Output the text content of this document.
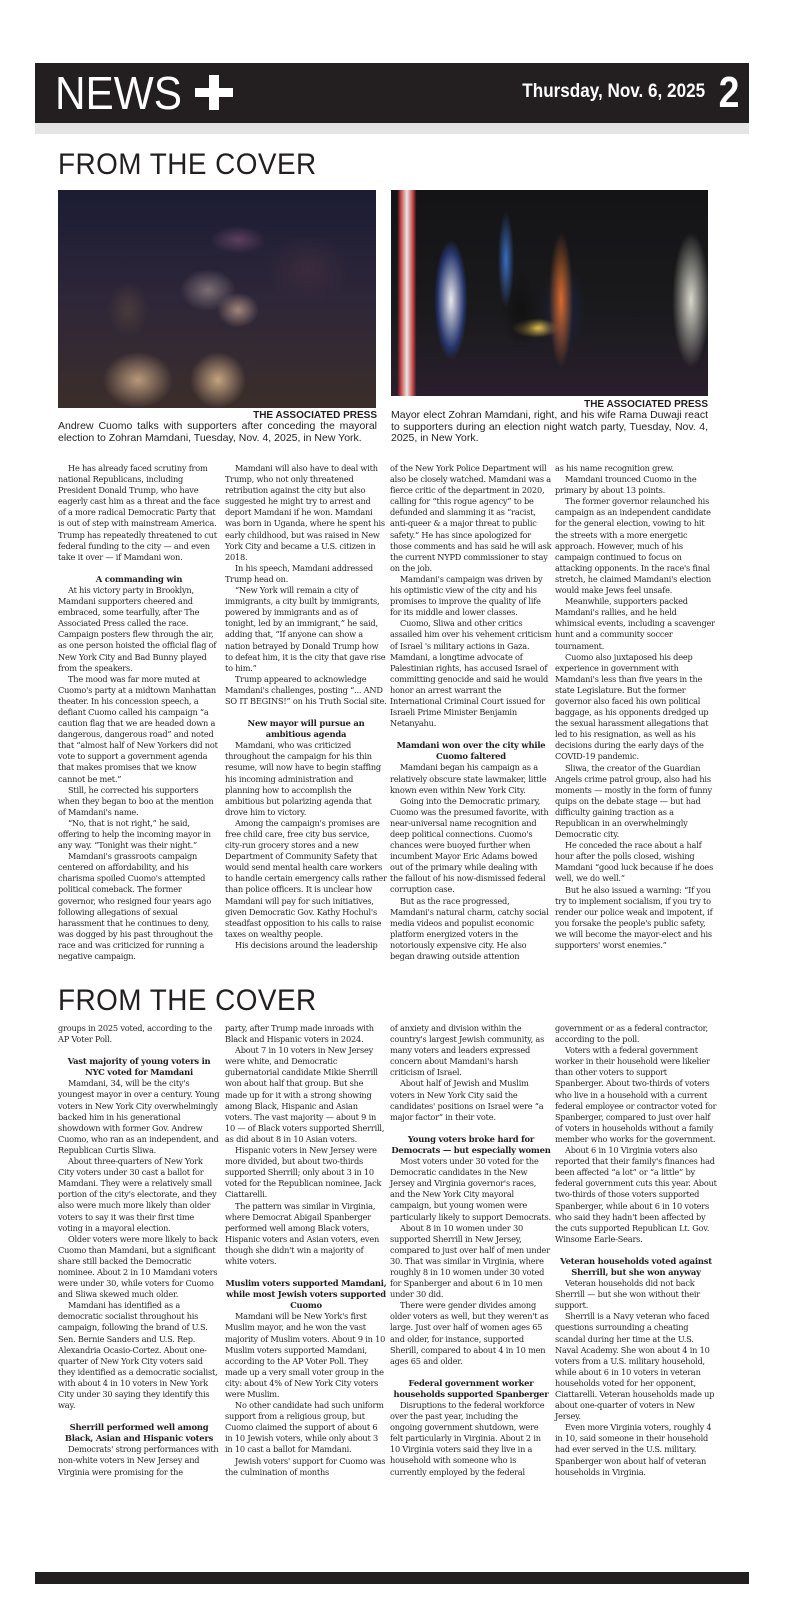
NEWS	Thursday, Nov. 6, 2025 2
FROM THE COVER
THE ASSOCIATED PRESS
Andrew Cuomo talks with supporters after conceding the mayoral election to Zohran Mamdani, Tuesday, Nov. 4, 2025, in New York.
THE ASSOCIATED PRESS
Mayor elect Zohran Mamdani, right, and his wife Rama Duwaji react to supporters during an election night watch party, Tuesday, Nov. 4, 2025, in New York.

He has already faced scrutiny from national Republicans, including President Donald Trump, who have eagerly cast him as a threat and the face of a more radical Democratic Party that is out of step with mainstream America. Trump has repeatedly threatened to cut federal funding to the city — and even take it over — if Mamdani won.

A commanding win

At his victory party in Brooklyn, Mamdani supporters cheered and embraced, some tearfully, after The Associated Press called the race. Campaign posters flew through the air, as one person hoisted the official flag of New York City and Bad Bunny played from the speakers.

The mood was far more muted at Cuomo's party at a midtown Manhattan theater. In his concession speech, a defiant Cuomo called his campaign “a caution flag that we are headed down a dangerous, dangerous road” and noted that “almost half of New Yorkers did not vote to support a government agenda that makes promises that we know cannot be met.”

Still, he corrected his supporters when they began to boo at the mention of Mamdani's name.

“No, that is not right,” he said, offering to help the incoming mayor in any way. “Tonight was their night.”

Mamdani's grassroots campaign centered on affordability, and his charisma spoiled Cuomo's attempted political comeback. The former governor, who resigned four years ago following allegations of sexual harassment that he continues to deny, was dogged by his past throughout the race and was criticized for running a negative campaign.

Mamdani will also have to deal with Trump, who not only threatened retribution against the city but also suggested he might try to arrest and deport Mamdani if he won. Mamdani was born in Uganda, where he spent his early childhood, but was raised in New York City and became a U.S. citizen in 2018.

In his speech, Mamdani addressed Trump head on.

“New York will remain a city of immigrants, a city built by immigrants, powered by immigrants and as of tonight, led by an immigrant,” he said, adding that, “If anyone can show a nation betrayed by Donald Trump how to defeat him, it is the city that gave rise to him.”

Trump appeared to acknowledge Mamdani's challenges, posting “... AND SO IT BEGINS!” on his Truth Social site.

New mayor will pursue an ambitious agenda

Mamdani, who was criticized throughout the campaign for his thin resume, will now have to begin staffing his incoming administration and planning how to accomplish the ambitious but polarizing agenda that drove him to victory.

Among the campaign's promises are free child care, free city bus service, city-run grocery stores and a new Department of Community Safety that would send mental health care workers to handle certain emergency calls rather than police officers. It is unclear how Mamdani will pay for such initiatives, given Democratic Gov. Kathy Hochul's steadfast opposition to his calls to raise taxes on wealthy people.

His decisions around the leadership

of the New York Police Department will also be closely watched. Mamdani was a fierce critic of the department in 2020, calling for “this rogue agency” to be defunded and slamming it as “racist, anti-queer & a major threat to public safety.” He has since apologized for those comments and has said he will ask the current NYPD commissioner to stay on the job.

Mamdani's campaign was driven by his optimistic view of the city and his promises to improve the quality of life for its middle and lower classes.

Cuomo, Sliwa and other critics assailed him over his vehement criticism of Israel 's military actions in Gaza. Mamdani, a longtime advocate of Palestinian rights, has accused Israel of committing genocide and said he would honor an arrest warrant the International Criminal Court issued for Israeli Prime Minister Benjamin Netanyahu.

Mamdani won over the city while Cuomo faltered

Mamdani began his campaign as a relatively obscure state lawmaker, little known even within New York City.

Going into the Democratic primary, Cuomo was the presumed favorite, with near-universal name recognition and deep political connections. Cuomo's chances were buoyed further when incumbent Mayor Eric Adams bowed out of the primary while dealing with the fallout of his now-dismissed federal corruption case.

But as the race progressed, Mamdani's natural charm, catchy social media videos and populist economic platform energized voters in the notoriously expensive city. He also began drawing outside attention

as his name recognition grew.

Mamdani trounced Cuomo in the primary by about 13 points.

The former governor relaunched his campaign as an independent candidate for the general election, vowing to hit the streets with a more energetic approach. However, much of his campaign continued to focus on attacking opponents. In the race's final stretch, he claimed Mamdani's election would make Jews feel unsafe.

Meanwhile, supporters packed Mamdani's rallies, and he held whimsical events, including a scavenger hunt and a community soccer tournament.

Cuomo also juxtaposed his deep experience in government with Mamdani's less than five years in the state Legislature. But the former governor also faced his own political baggage, as his opponents dredged up the sexual harassment allegations that led to his resignation, as well as his decisions during the early days of the COVID-19 pandemic.

Sliwa, the creator of the Guardian Angels crime patrol group, also had his moments — mostly in the form of funny quips on the debate stage — but had difficulty gaining traction as a Republican in an overwhelmingly Democratic city.

He conceded the race about a half hour after the polls closed, wishing Mamdani “good luck because if he does well, we do well.”

But he also issued a warning: “If you try to implement socialism, if you try to render our police weak and impotent, if you forsake the people's public safety, we will become the mayor-elect and his supporters' worst enemies.”

FROM THE COVER

groups in 2025 voted, according to the AP Voter Poll.

Vast majority of young voters in NYC voted for Mamdani

Mamdani, 34, will be the city's youngest mayor in over a century. Young voters in New York City overwhelmingly backed him in his generational showdown with former Gov. Andrew Cuomo, who ran as an independent, and Republican Curtis Sliwa.

About three-quarters of New York City voters under 30 cast a ballot for Mamdani. They were a relatively small portion of the city's electorate, and they also were much more likely than older voters to say it was their first time voting in a mayoral election.

Older voters were more likely to back Cuomo than Mamdani, but a significant share still backed the Democratic nominee. About 2 in 10 Mamdani voters were under 30, while voters for Cuomo and Sliwa skewed much older.

Mamdani has identified as a democratic socialist throughout his campaign, following the brand of U.S. Sen. Bernie Sanders and U.S. Rep. Alexandria Ocasio-Cortez. About one-quarter of New York City voters said they identified as a democratic socialist, with about 4 in 10 voters in New York City under 30 saying they identify this way.

Sherrill performed well among Black, Asian and Hispanic voters

Democrats' strong performances with non-white voters in New Jersey and Virginia were promising for the

party, after Trump made inroads with Black and Hispanic voters in 2024.

About 7 in 10 voters in New Jersey were white, and Democratic gubernatorial candidate Mikie Sherrill won about half that group. But she made up for it with a strong showing among Black, Hispanic and Asian voters. The vast majority — about 9 in 10 — of Black voters supported Sherrill, as did about 8 in 10 Asian voters.

Hispanic voters in New Jersey were more divided, but about two-thirds supported Sherrill; only about 3 in 10 voted for the Republican nominee, Jack Ciattarelli.

The pattern was similar in Virginia, where Democrat Abigail Spanberger performed well among Black voters, Hispanic voters and Asian voters, even though she didn't win a majority of white voters.

Muslim voters supported Mamdani, while most Jewish voters supported Cuomo

Mamdani will be New York's first Muslim mayor, and he won the vast majority of Muslim voters. About 9 in 10 Muslim voters supported Mamdani, according to the AP Voter Poll. They made up a very small voter group in the city: about 4% of New York City voters were Muslim.

No other candidate had such uniform support from a religious group, but Cuomo claimed the support of about 6 in 10 Jewish voters, while only about 3 in 10 cast a ballot for Mamdani.

Jewish voters' support for Cuomo was the culmination of months

of anxiety and division within the country's largest Jewish community, as many voters and leaders expressed concern about Mamdani's harsh criticism of Israel.

About half of Jewish and Muslim voters in New York City said the candidates' positions on Israel were “a major factor” in their vote.

Young voters broke hard for Democrats — but especially women

Most voters under 30 voted for the Democratic candidates in the New Jersey and Virginia governor's races, and the New York City mayoral campaign, but young women were particularly likely to support Democrats.

About 8 in 10 women under 30 supported Sherrill in New Jersey, compared to just over half of men under 30. That was similar in Virginia, where roughly 8 in 10 women under 30 voted for Spanberger and about 6 in 10 men under 30 did.

There were gender divides among older voters as well, but they weren't as large. Just over half of women ages 65 and older, for instance, supported Sherill, compared to about 4 in 10 men ages 65 and older.

Federal government worker households supported Spanberger

Disruptions to the federal workforce over the past year, including the ongoing government shutdown, were felt particularly in Virginia. About 2 in 10 Virginia voters said they live in a household with someone who is currently employed by the federal

government or as a federal contractor, according to the poll.

Voters with a federal government worker in their household were likelier than other voters to support Spanberger. About two-thirds of voters who live in a household with a current federal employee or contractor voted for Spanberger, compared to just over half of voters in households without a family member who works for the government.

About 6 in 10 Virginia voters also reported that their family's finances had been affected “a lot” or “a little” by federal government cuts this year. About two-thirds of those voters supported Spanberger, while about 6 in 10 voters who said they hadn't been affected by the cuts supported Republican Lt. Gov. Winsome Earle-Sears.

Veteran households voted against Sherrill, but she won anyway

Veteran households did not back Sherrill — but she won without their support.

Sherrill is a Navy veteran who faced questions surrounding a cheating scandal during her time at the U.S. Naval Academy. She won about 4 in 10 voters from a U.S. military household, while about 6 in 10 voters in veteran households voted for her opponent, Ciattarelli. Veteran households made up about one-quarter of voters in New Jersey.

Even more Virginia voters, roughly 4 in 10, said someone in their household had ever served in the U.S. military. Spanberger won about half of veteran households in Virginia.
